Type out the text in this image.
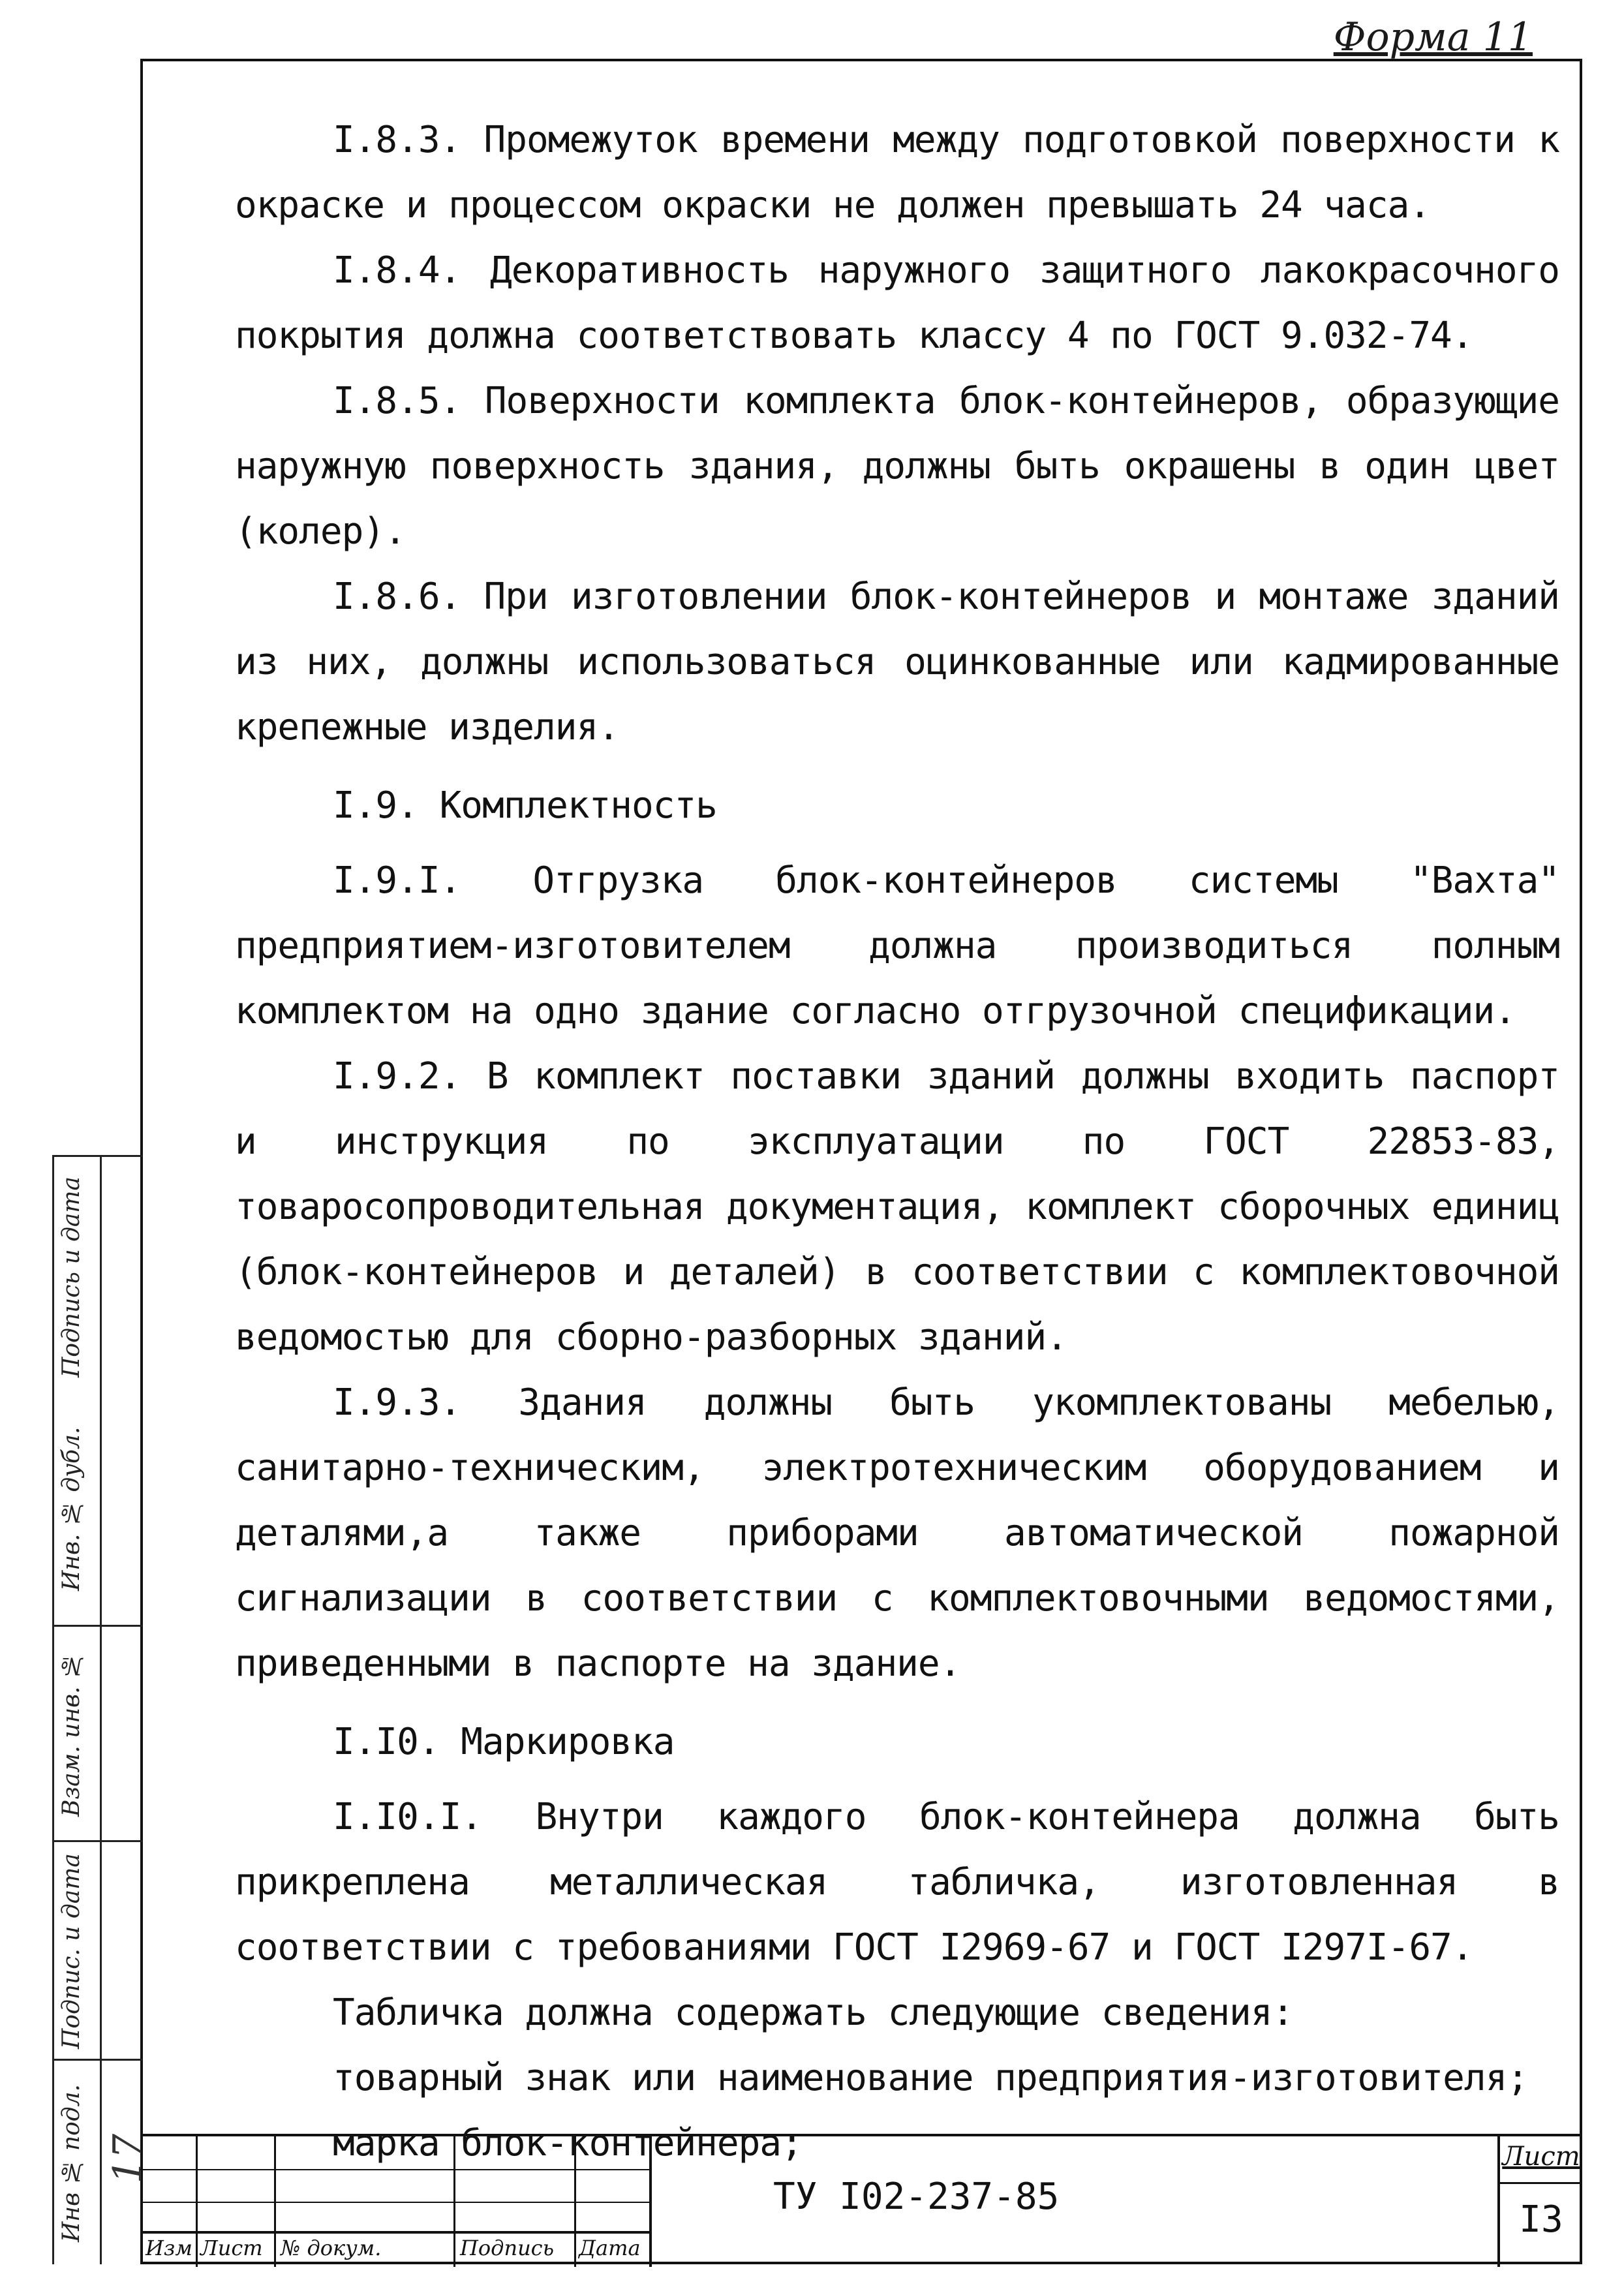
Форма 11

I.8.3. Промежуток времени между подготовкой поверхности к окраске и процессом окраски не должен превышать 24 часа.

I.8.4. Декоративность наружного защитного лакокрасочного покрытия должна соответствовать классу 4 по ГОСТ 9.032-74.

I.8.5. Поверхности комплекта блок-контейнеров, образующие наружную поверхность здания, должны быть окрашены в один цвет (колер).

I.8.6. При изготовлении блок-контейнеров и монтаже зданий из них, должны использоваться оцинкованные или кадмированные крепежные изделия.

I.9. Комплектность

I.9.I. Отгрузка блок-контейнеров системы "Вахта" предприятием-изготовителем должна производиться полным комплектом на одно здание согласно отгрузочной спецификации.

I.9.2. В комплект поставки зданий должны входить паспорт и инструкция по эксплуатации по ГОСТ 22853-83, товаросопроводительная документация, комплект сборочных единиц (блок-контейнеров и деталей) в соответствии с комплектовочной ведомостью для сборно-разборных зданий.

I.9.3. Здания должны быть укомплектованы мебелью, санитарно-техническим, электротехническим оборудованием и деталями,а также приборами автоматической пожарной сигнализации в соответствии с комплектовочными ведомостями, приведенными в паспорте на здание.

I.I0. Маркировка

I.I0.I. Внутри каждого блок-контейнера должна быть прикреплена металлическая табличка, изготовленная в соответствии с требованиями ГОСТ I2969-67 и ГОСТ I297I-67.

Табличка должна содержать следующие сведения:

товарный знак или наименование предприятия-изготовителя;

марка блок-контейнера;

Инв № подл.
Подпис. и дата
Взам. инв. №
Инв. № дубл.
Подпись и дата
17
Изм Лист № докум.	Подпись Дата
ТУ I02-237-85
Лист
I3
